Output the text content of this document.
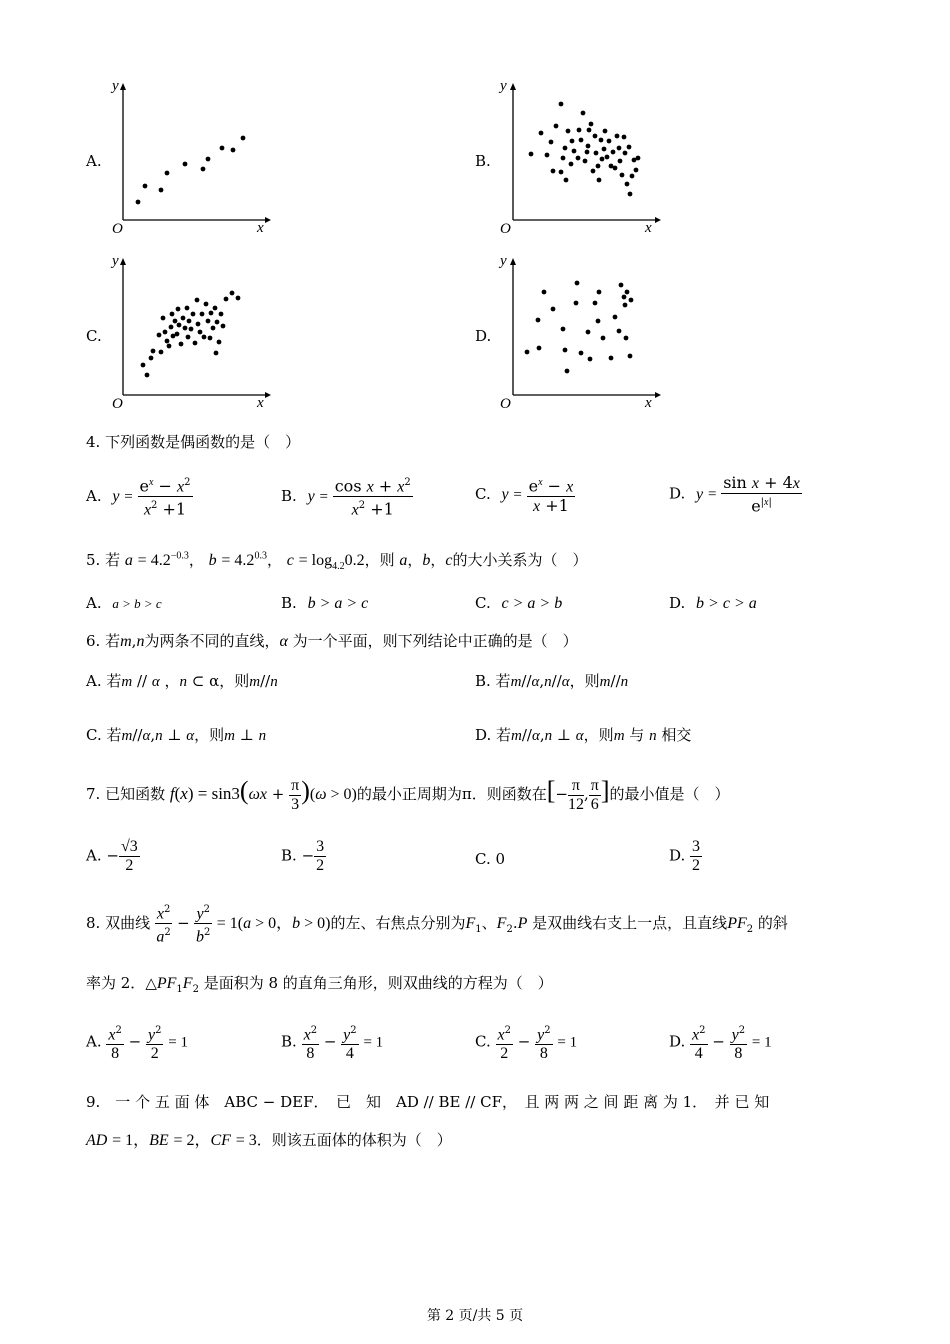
A.
y
x
O
B.
y
x
O
C.
y
x
O
D.
y
x
O
4. 下列函数是偶函数的是（　）
A. $y = \frac{e^x - x^2}{x^2 +1}$	B. $y = \frac{\cos x + x^2}{x^2 +1}$	C. $y = \frac{e^x - x}{x +1}$	D. $y = \frac{\text{sin x + 4x}}{e^{|x|}}$
5. 若 $a = 4.2^{-0.3}$， $b = 4.2^{0.3}$， $c = \log_{4.2}0.2$，则 a，b，c的大小关系为（　）
A. a > b > c	B. b > a > c	C. c > a > b	D. b > c > a
6. 若m,n为两条不同的直线，α 为一个平面，则下列结论中正确的是（　）
A. 若m // α ，n ⊂ α，则m//n	B. 若m//α,n//α，则m//n
C. 若m//α,n ⊥ α，则m ⊥ n	D. 若m//α,n ⊥ α，则m 与 n 相交
7. 已知函数 $f(x) = \sin 3(\omega x + \frac{\pi}{3} )(\omega > 0)$的最小正周期为π．则函数在[− $\frac{\pi}{12}$ , $\frac{\pi}{6}$ ]的最小值是（　）
A. − $\frac{√3}{2}$	B. − $\frac{3}{2}$	C. 0	D. $\frac{3}{2}$
8. 双曲线 $\frac{x^2}{a^2} - \frac{y^2}{b^2} = 1(a > 0$，b > 0)的左、右焦点分别为$F_1$、$F_2.P$ 是双曲线右支上一点，且直线$PF_2$ 的斜
率为 2．$\triangle PF_1F_2$ 是面积为 8 的直角三角形，则双曲线的方程为（　）
A. $\frac{x^2}{8} - \frac{y^2}{2} = 1$	B. $\frac{x^2}{8} - \frac{y^2}{4} = 1$	C. $\frac{x^2}{2} - \frac{y^2}{8} = 1$	D. $\frac{x^2}{4} - \frac{y^2}{8} = 1$
9.　一 个 五 面 体　ABC − DEF．　已　知　AD // BE // CF，　且 两 两 之 间 距 离 为 1．　并 已 知
AD = 1，BE = 2，CF = 3．则该五面体的体积为（　）
第 2 页/共 5 页
